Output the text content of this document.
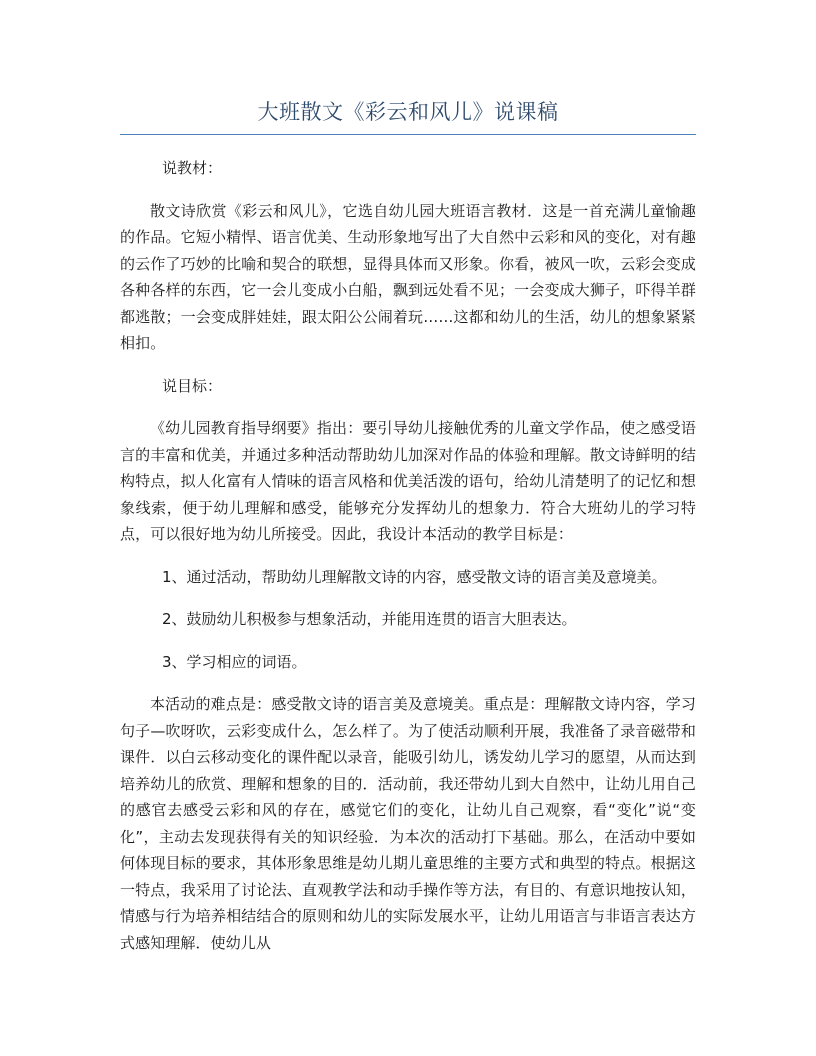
大班散文《彩云和风儿》说课稿

说教材：

散文诗欣赏《彩云和风儿》，它选自幼儿园大班语言教材．这是一首充满儿童愉趣的作品。它短小精悍、语言优美、生动形象地写出了大自然中云彩和风的变化，对有趣的云作了巧妙的比喻和契合的联想，显得具体而又形象。你看，被风一吹，云彩会变成各种各样的东西，它一会儿变成小白船，飘到远处看不见；一会变成大狮子，吓得羊群都逃散；一会变成胖娃娃，跟太阳公公闹着玩……这都和幼儿的生活，幼儿的想象紧紧相扣。

说目标：

《幼儿园教育指导纲要》指出：要引导幼儿接触优秀的儿童文学作品，使之感受语言的丰富和优美，并通过多种活动帮助幼儿加深对作品的体验和理解。散文诗鲜明的结构特点，拟人化富有人情味的语言风格和优美活泼的语句，给幼儿清楚明了的记忆和想象线索，便于幼儿理解和感受，能够充分发挥幼儿的想象力．符合大班幼儿的学习特点，可以很好地为幼儿所接受。因此，我设计本活动的教学目标是：

1、通过活动，帮助幼儿理解散文诗的内容，感受散文诗的语言美及意境美。

2、鼓励幼儿积极参与想象活动，并能用连贯的语言大胆表达。

3、学习相应的词语。

本活动的难点是：感受散文诗的语言美及意境美。重点是：理解散文诗内容，学习句子—吹呀吹，云彩变成什么，怎么样了。为了使活动顺利开展，我准备了录音磁带和课件．以白云移动变化的课件配以录音，能吸引幼儿，诱发幼儿学习的愿望，从而达到培养幼儿的欣赏、理解和想象的目的．活动前，我还带幼儿到大自然中，让幼儿用自己的感官去感受云彩和风的存在，感觉它们的变化，让幼儿自己观察，看“变化”说“变化”，主动去发现获得有关的知识经验．为本次的活动打下基础。那么，在活动中要如何体现目标的要求，其体形象思维是幼儿期儿童思维的主要方式和典型的特点。根据这一特点，我采用了讨论法、直观教学法和动手操作等方法，有目的、有意识地按认知，情感与行为培养相结结合的原则和幼儿的实际发展水平，让幼儿用语言与非语言表达方式感知理解．使幼儿从
